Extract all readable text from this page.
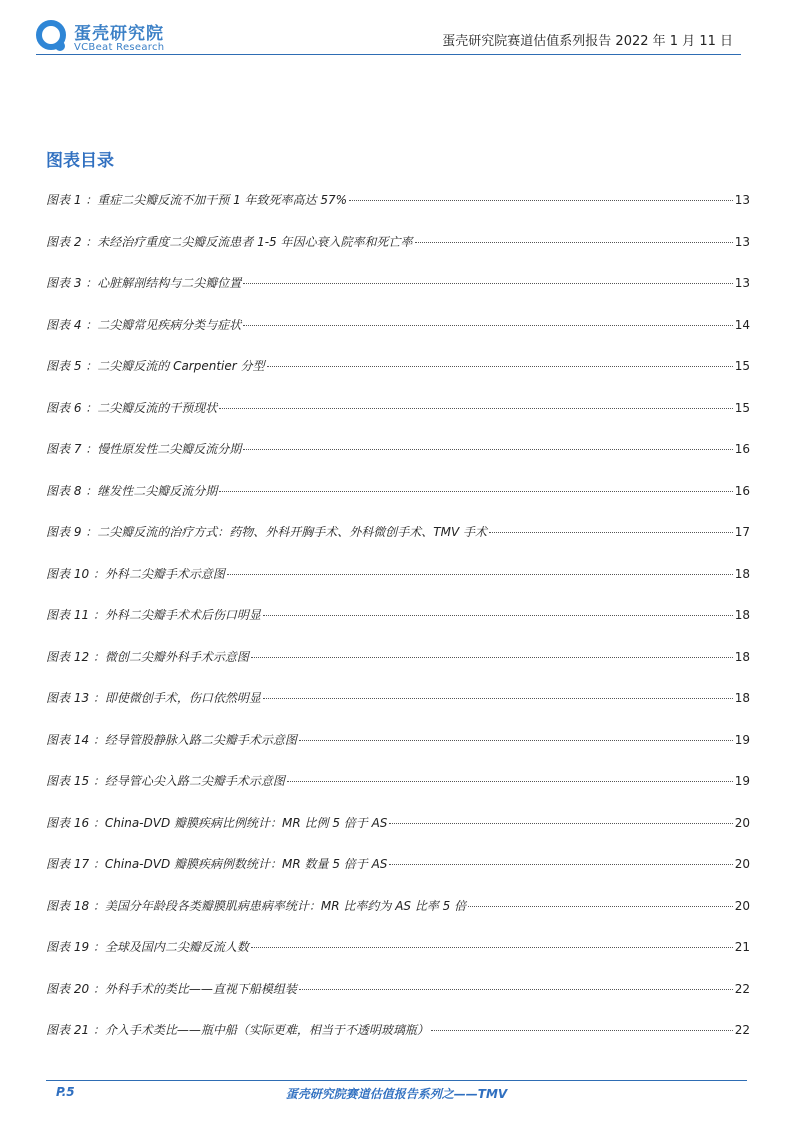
蛋壳研究院
VCBeat Research	蛋壳研究院赛道估值系列报告 2022 年 1 月 11 日
图表目录
图表 1 ：重症二尖瓣反流不加干预 1 年致死率高达 57%	13
图表 2 ：未经治疗重度二尖瓣反流患者 1-5 年因心衰入院率和死亡率	13
图表 3 ：心脏解剖结构与二尖瓣位置	13
图表 4 ：二尖瓣常见疾病分类与症状	14
图表 5 ：二尖瓣反流的 Carpentier 分型	15
图表 6 ：二尖瓣反流的干预现状	15
图表 7 ：慢性原发性二尖瓣反流分期	16
图表 8 ：继发性二尖瓣反流分期	16
图表 9 ：二尖瓣反流的治疗方式：药物、外科开胸手术、外科微创手术、TMV 手术	17
图表 10 ：外科二尖瓣手术示意图	18
图表 11 ：外科二尖瓣手术术后伤口明显	18
图表 12 ：微创二尖瓣外科手术示意图	18
图表 13 ：即使微创手术，伤口依然明显	18
图表 14 ：经导管股静脉入路二尖瓣手术示意图	19
图表 15 ：经导管心尖入路二尖瓣手术示意图	19
图表 16 ：China-DVD 瓣膜疾病比例统计：MR 比例 5 倍于 AS	20
图表 17 ：China-DVD 瓣膜疾病例数统计：MR 数量 5 倍于 AS	20
图表 18 ：美国分年龄段各类瓣膜肌病患病率统计：MR 比率约为 AS 比率 5 倍	20
图表 19 ：全球及国内二尖瓣反流人数	21
图表 20 ：外科手术的类比——直视下船模组装	22
图表 21 ：介入手术类比——瓶中船（实际更难，相当于不透明玻璃瓶）	22
P.5	蛋壳研究院赛道估值报告系列之——TMV
